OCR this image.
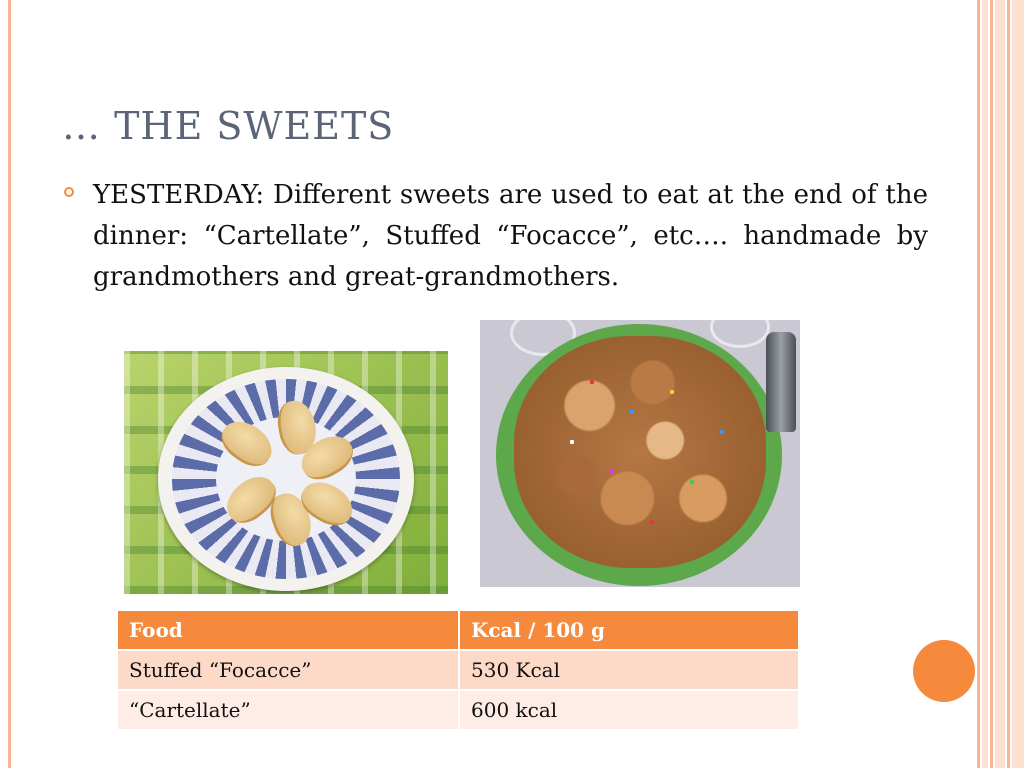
… THE SWEETS
YESTERDAY: Different sweets are used to eat at the end of the dinner: “Cartellate”, Stuffed “Focacce”, etc…. handmade by grandmothers and great-grandmothers.
Food	Kcal / 100 g
Stuffed “Focacce”	530 Kcal
“Cartellate”	600 kcal
